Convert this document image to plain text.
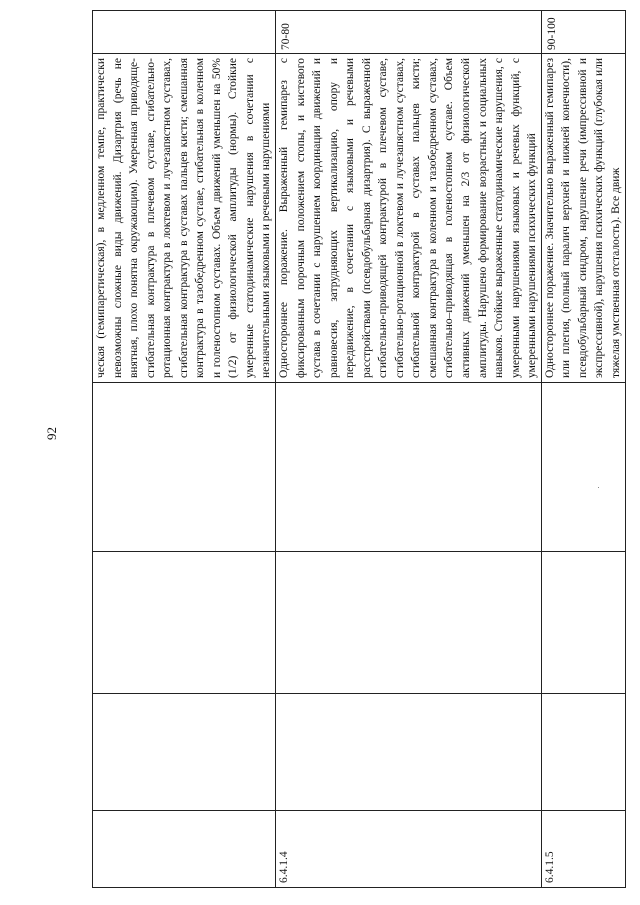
92
				ческая (гемипаретическая), в медленном темпе, практически невозможны сложные виды движений. Дизартрия (речь не внятная, плохо понятна окружающим). Умеренная приводяще-сгибательная контрактура в плечевом суставе, сгибательно-ротационная контрактура в локтевом и лучезапястном суставах, сгибательная контрактура в суставах пальцев кисти; смешанная контрактура в тазобедренном суставе, сгибательная в коленном и голеностопном суставах. Объем движений уменьшен на 50% (1/2) от физиологической амплитуды (нормы). Стойкие умеренные статодинамические нарушения в сочетании с незначительными языковыми и речевыми нарушениями	
6.4.1.4				Одностороннее поражение. Выраженный гемипарез с фиксированным порочным положением стопы, и кистевого сустава в сочетании с нарушением координации движений и равновесия, затрудняющих вертикализацию, опору и передвижение, в сочетании с языковыми и речевыми расстройствами (псевдобульбарная дизартрия). С выраженной сгибательно-приводящей контрактурой в плечевом суставе, сгибательно-ротационной в локтевом и лучезапястном суставах, сгибательной контрактурой в суставах пальцев кисти; смешанная контрактура в коленном и тазобедренном суставах, сгибательно–приводящая в голеностопном суставе. Объем активных движений уменьшен на 2/3 от физиологической амплитуды. Нарушено формирование возрастных и социальных навыков. Стойкие выраженные статодинамические нарушения, с умеренными нарушениями языковых и речевых функций, с умеренными нарушениями психических функций	70-80
6.4.1.5				Одностороннее поражение. Значительно выраженный гемипарез или плегия, (полный паралич верхней и нижней конечности), псевдобульбарный синдром, нарушение речи (импрессивной и экспрессивной), нарушения психических функций (глубокая или тяжелая умственная отсталость). Все движ	90-100
